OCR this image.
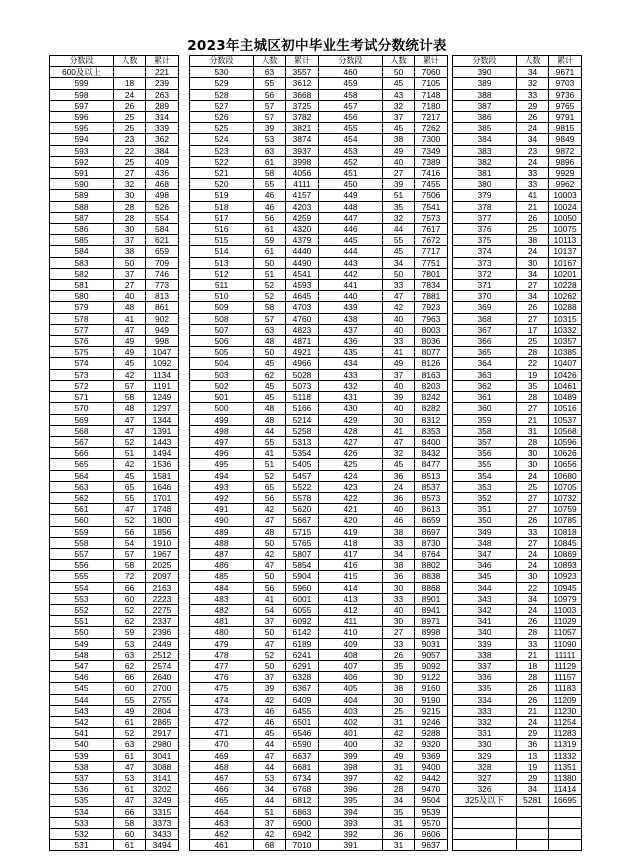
2023年主城区初中毕业生考试分数统计表
分数段	人数	累计
600及以上		221
599	18	239
598	24	263
597	26	289
596	25	314
595	25	339
594	23	362
593	22	384
592	25	409
591	27	436
590	32	468
589	30	498
588	28	526
587	28	554
586	30	584
585	37	621
584	38	659
583	50	709
582	37	746
581	27	773
580	40	813
579	48	861
578	41	902
577	47	949
576	49	998
575	49	1047
574	45	1092
573	42	1134
572	57	1191
571	58	1249
570	48	1297
569	47	1344
568	47	1391
567	52	1443
566	51	1494
565	42	1536
564	45	1581
563	65	1646
562	55	1701
561	47	1748
560	52	1800
559	56	1856
558	54	1910
557	57	1967
556	58	2025
555	72	2097
554	66	2163
553	60	2223
552	52	2275
551	62	2337
550	59	2396
549	53	2449
548	63	2512
547	62	2574
546	66	2640
545	60	2700
544	55	2755
543	49	2804
542	61	2865
541	52	2917
540	63	2980
539	61	3041
538	47	3088
537	53	3141
536	61	3202
535	47	3249
534	66	3315
533	58	3373
532	60	3433
531	61	3494
分数段	人数	累计
530	63	3557
529	55	3612
528	56	3668
527	57	3725
526	57	3782
525	39	3821
524	53	3874
523	63	3937
522	61	3998
521	58	4056
520	55	4111
519	46	4157
518	46	4203
517	56	4259
516	61	4320
515	59	4379
514	61	4440
513	50	4490
512	51	4541
511	52	4593
510	52	4645
509	58	4703
508	57	4760
507	63	4823
506	48	4871
505	50	4921
504	45	4966
503	62	5028
502	45	5073
501	45	5118
500	48	5166
499	48	5214
498	44	5258
497	55	5313
496	41	5354
495	51	5405
494	52	5457
493	65	5522
492	56	5578
491	42	5620
490	47	5667
489	48	5715
488	50	5765
487	42	5807
486	47	5854
485	50	5904
484	56	5960
483	41	6001
482	54	6055
481	37	6092
480	50	6142
479	47	6189
478	52	6241
477	50	6291
476	37	6328
475	39	6367
474	42	6409
473	46	6455
472	46	6501
471	45	6546
470	44	6590
469	47	6637
468	44	6681
467	53	6734
466	34	6768
465	44	6812
464	51	6863
463	37	6900
462	42	6942
461	68	7010
分数段	人数	累计
460	50	7060
459	45	7105
458	43	7148
457	32	7180
456	37	7217
455	45	7262
454	38	7300
453	49	7349
452	40	7389
451	27	7416
450	39	7455
449	51	7506
448	35	7541
447	32	7573
446	44	7617
445	55	7672
444	45	7717
443	34	7751
442	50	7801
441	33	7834
440	47	7881
439	42	7923
438	40	7963
437	40	8003
436	33	8036
435	41	8077
434	49	8126
433	37	8163
432	40	8203
431	39	8242
430	40	8282
429	30	8312
428	41	8353
427	47	8400
426	32	8432
425	45	8477
424	36	8513
423	24	8537
422	36	8573
421	40	8613
420	46	8659
419	38	8697
418	33	8730
417	34	8764
416	38	8802
415	36	8838
414	30	8868
413	33	8901
412	40	8941
411	30	8971
410	27	8998
409	33	9031
408	26	9057
407	35	9092
406	30	9122
405	38	9160
404	30	9190
403	25	9215
402	31	9246
401	42	9288
400	32	9320
399	49	9369
398	31	9400
397	42	9442
396	28	9470
395	34	9504
394	35	9539
393	31	9570
392	36	9606
391	31	9637
分数段	人数	累计
390	34	9671
389	32	9703
388	33	9736
387	29	9765
386	26	9791
385	24	9815
384	34	9849
383	23	9872
382	24	9896
381	33	9929
380	33	9962
379	41	10003
378	21	10024
377	26	10050
376	25	10075
375	38	10113
374	24	10137
373	30	10167
372	34	10201
371	27	10228
370	34	10262
369	26	10288
368	27	10315
367	17	10332
366	25	10357
365	28	10385
364	22	10407
363	19	10426
362	35	10461
361	28	10489
360	27	10516
359	21	10537
358	31	10568
357	28	10596
356	30	10626
355	30	10656
354	24	10680
353	25	10705
352	27	10732
351	27	10759
350	26	10785
349	33	10818
348	27	10845
347	24	10869
346	24	10893
345	30	10923
344	22	10945
343	34	10979
342	24	11003
341	26	11029
340	28	11057
339	33	11090
338	21	11111
337	18	11129
336	28	11157
335	26	11183
334	26	11209
333	21	11230
332	24	11254
331	29	11283
330	36	11319
329	13	11332
328	19	11351
327	29	11380
326	34	11414
325及以下	5281	16695
